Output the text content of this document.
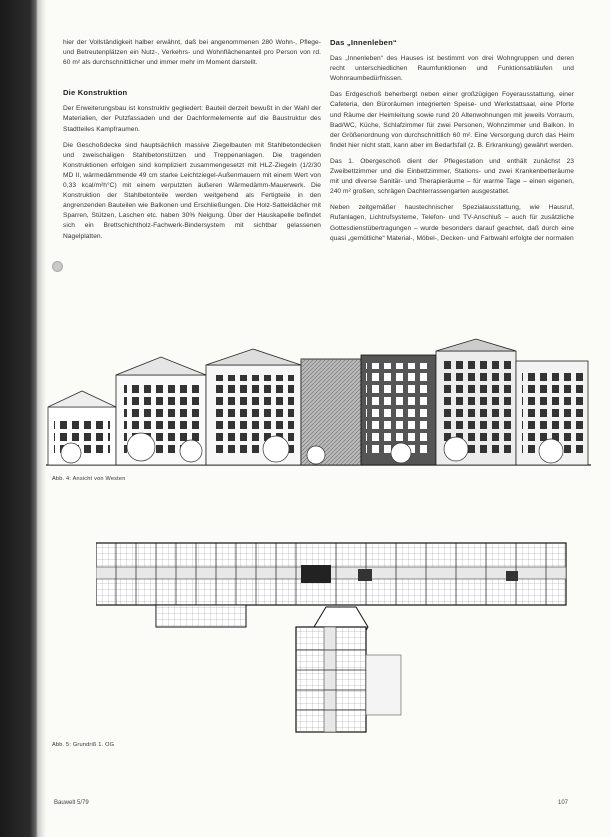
hier der Vollständigkeit halber erwähnt, daß bei angenommenen 280 Wohn-, Pflege- und Betreutenplätzen ein Nutz-, Verkehrs- und Wohnflächenanteil pro Person von rd. 60 m² als durchschnittlicher und immer mehr im Moment darstellt.

Die Konstruktion

Der Erweiterungsbau ist konstruktiv gegliedert: Bauteil derzeit bewußt in der Wahl der Materialien, der Putzfassaden und der Dachformelemente auf die Baustruktur des Stadtteiles Kampfraumen.

Die Geschoßdecke sind hauptsächlich massive Ziegelbauten mit Stahlbetondecken und zweischaligen Stahlbetonstützen und Treppenanlagen. Die tragenden Konstruktionen erfolgen sind kompliziert zusammengesetzt mit HLZ-Ziegeln (1/2/30 MD II, wärmedämmende 49 cm starke Leichtziegel-Außenmauern mit einem Wert von 0,33 kcal/m²h°C) mit einem verputzten äußeren Wärmedämm-Mauerwerk. Die Konstruktion der Stahlbetonteile werden weitgehend als Fertigteile in den angrenzenden Bauteilen wie Balkonen und Erschließungen. Die Holz-Satteldächer mit Sparren, Stützen, Laschen etc. haben 30% Neigung. Über der Hauskapelle befindet sich ein Brettschichtholz-Fachwerk-Bindersystem mit sichtbar gelassenen Nagelplatten.

Das „Innenleben“

Das „Innenleben“ des Hauses ist bestimmt von drei Wohngruppen und deren recht unterschiedlichen Raumfunktionen und Funktionsabläufen und Wohnraumbedürfnissen.

Das Erdgeschoß beherbergt neben einer großzügigen Foyerausstattung, einer Cafeteria, den Büroräumen integrierten Speise- und Werkstattsaal, eine Pforte und Räume der Heimleitung sowie rund 20 Altenwohnungen mit jeweils Vorraum, Bad/WC, Küche, Schlafzimmer für zwei Personen, Wohnzimmer und Balkon. In der Größenordnung von durchschnittlich 60 m². Eine Versorgung durch das Heim findet hier nicht statt, kann aber im Bedarfsfall (z. B. Erkrankung) gewährt werden.

Das 1. Obergeschoß dient der Pflegestation und enthält zunächst 23 Zweibettzimmer und die Einbettzimmer, Stations- und zwei Krankenbetteräume mit und diverse Sanitär- und Therapieräume – für warme Tage – einen eigenen, 240 m² großen, schrägen Dachterrassengarten ausgestattet.

Neben zeitgemäßer haustechnischer Spezialausstattung, wie Hausruf, Rufanlagen, Lichtrufsysteme, Telefon- und TV-Anschluß – auch für zusätzliche Gottesdienstübertragungen – wurde besonders darauf geachtet, daß durch eine quasi „gemütliche“ Material-, Möbel-, Decken- und Farbwahl erfolgte der normalen

Abb. 4: Ansicht von Westen
Abb. 5: Grundriß 1. OG
Bauwelt 5/79	107
